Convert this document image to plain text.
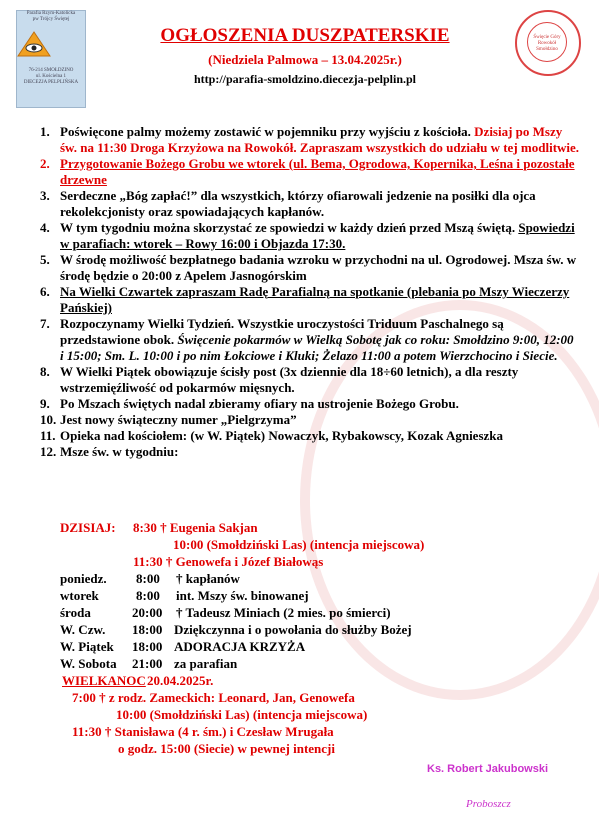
Parafia Rzym-Katolicka
pw Trójcy Świętej
76-214 SMOŁDZINO
ul. Kościelna 1
DIECEZJA PELPLIŃSKA
Święcie Góry Rowokół Smołdzino
OGŁOSZENIA DUSZPATERSKIE
(Niedziela Palmowa – 13.04.2025r.)
http://parafia-smoldzino.diecezja-pelplin.pl
1. Poświęcone palmy możemy zostawić w pojemniku przy wyjściu z kościoła. Dzisiaj po Mszy św. na 11:30 Droga Krzyżowa na Rowokół. Zapraszam wszystkich do udziału w tej modlitwie.
2. Przygotowanie Bożego Grobu we wtorek (ul. Bema, Ogrodowa, Kopernika, Leśna i pozostałe drzewne
3. Serdeczne „Bóg zapłać!” dla wszystkich, którzy ofiarowali jedzenie na posiłki dla ojca rekolekcjonisty oraz spowiadających kapłanów.
4. W tym tygodniu można skorzystać ze spowiedzi w każdy dzień przed Mszą świętą. Spowiedzi w parafiach: wtorek – Rowy 16:00 i Objazda 17:30.
5. W środę możliwość bezpłatnego badania wzroku w przychodni na ul. Ogrodowej. Msza św. w środę będzie o 20:00 z Apelem Jasnogórskim
6. Na Wielki Czwartek zapraszam Radę Parafialną na spotkanie (plebania po Mszy Wieczerzy Pańskiej)
7. Rozpoczynamy Wielki Tydzień. Wszystkie uroczystości Triduum Paschalnego są przedstawione obok. Święcenie pokarmów w Wielką Sobotę jak co roku: Smołdzino 9:00, 12:00 i 15:00; Sm. L. 10:00 i po nim Łokciowe i Kluki; Żelazo 11:00 a potem Wierzchocino i Siecie.
8. W Wielki Piątek obowiązuje ścisły post (3x dziennie dla 18÷60 letnich), a dla reszty wstrzemięźliwość od pokarmów mięsnych.
9. Po Mszach świętych nadal zbieramy ofiary na ustrojenie Bożego Grobu.
10. Jest nowy świąteczny numer „Pielgrzyma”
11. Opieka nad kościołem: (w W. Piątek) Nowaczyk, Rybakowscy, Kozak Agnieszka
12. Msze św. w tygodniu:
DZISIAJ: 8:30 † Eugenia Sakjan
10:00 (Smołdziński Las) (intencja miejscowa)
11:30 † Genowefa i Józef Białowąs
poniedz. 8:00 † kapłanów
wtorek	8:00 int. Mszy św. binowanej
środa	20:00 † Tadeusz Miniach (2 mies. po śmierci)
W. Czw. 18:00 Dziękczynna i o powołania do służby Bożej
W. Piątek 18:00 ADORACJA KRZYŻA
W. Sobota 21:00 za parafian
WIELKANOC 20.04.2025r.
7:00 † z rodz. Zameckich: Leonard, Jan, Genowefa
10:00 (Smołdziński Las) (intencja miejscowa)
11:30 † Stanisława (4 r. śm.) i Czesław Mrugała
o godz. 15:00 (Siecie) w pewnej intencji
Ks. Robert Jakubowski
Proboszcz
